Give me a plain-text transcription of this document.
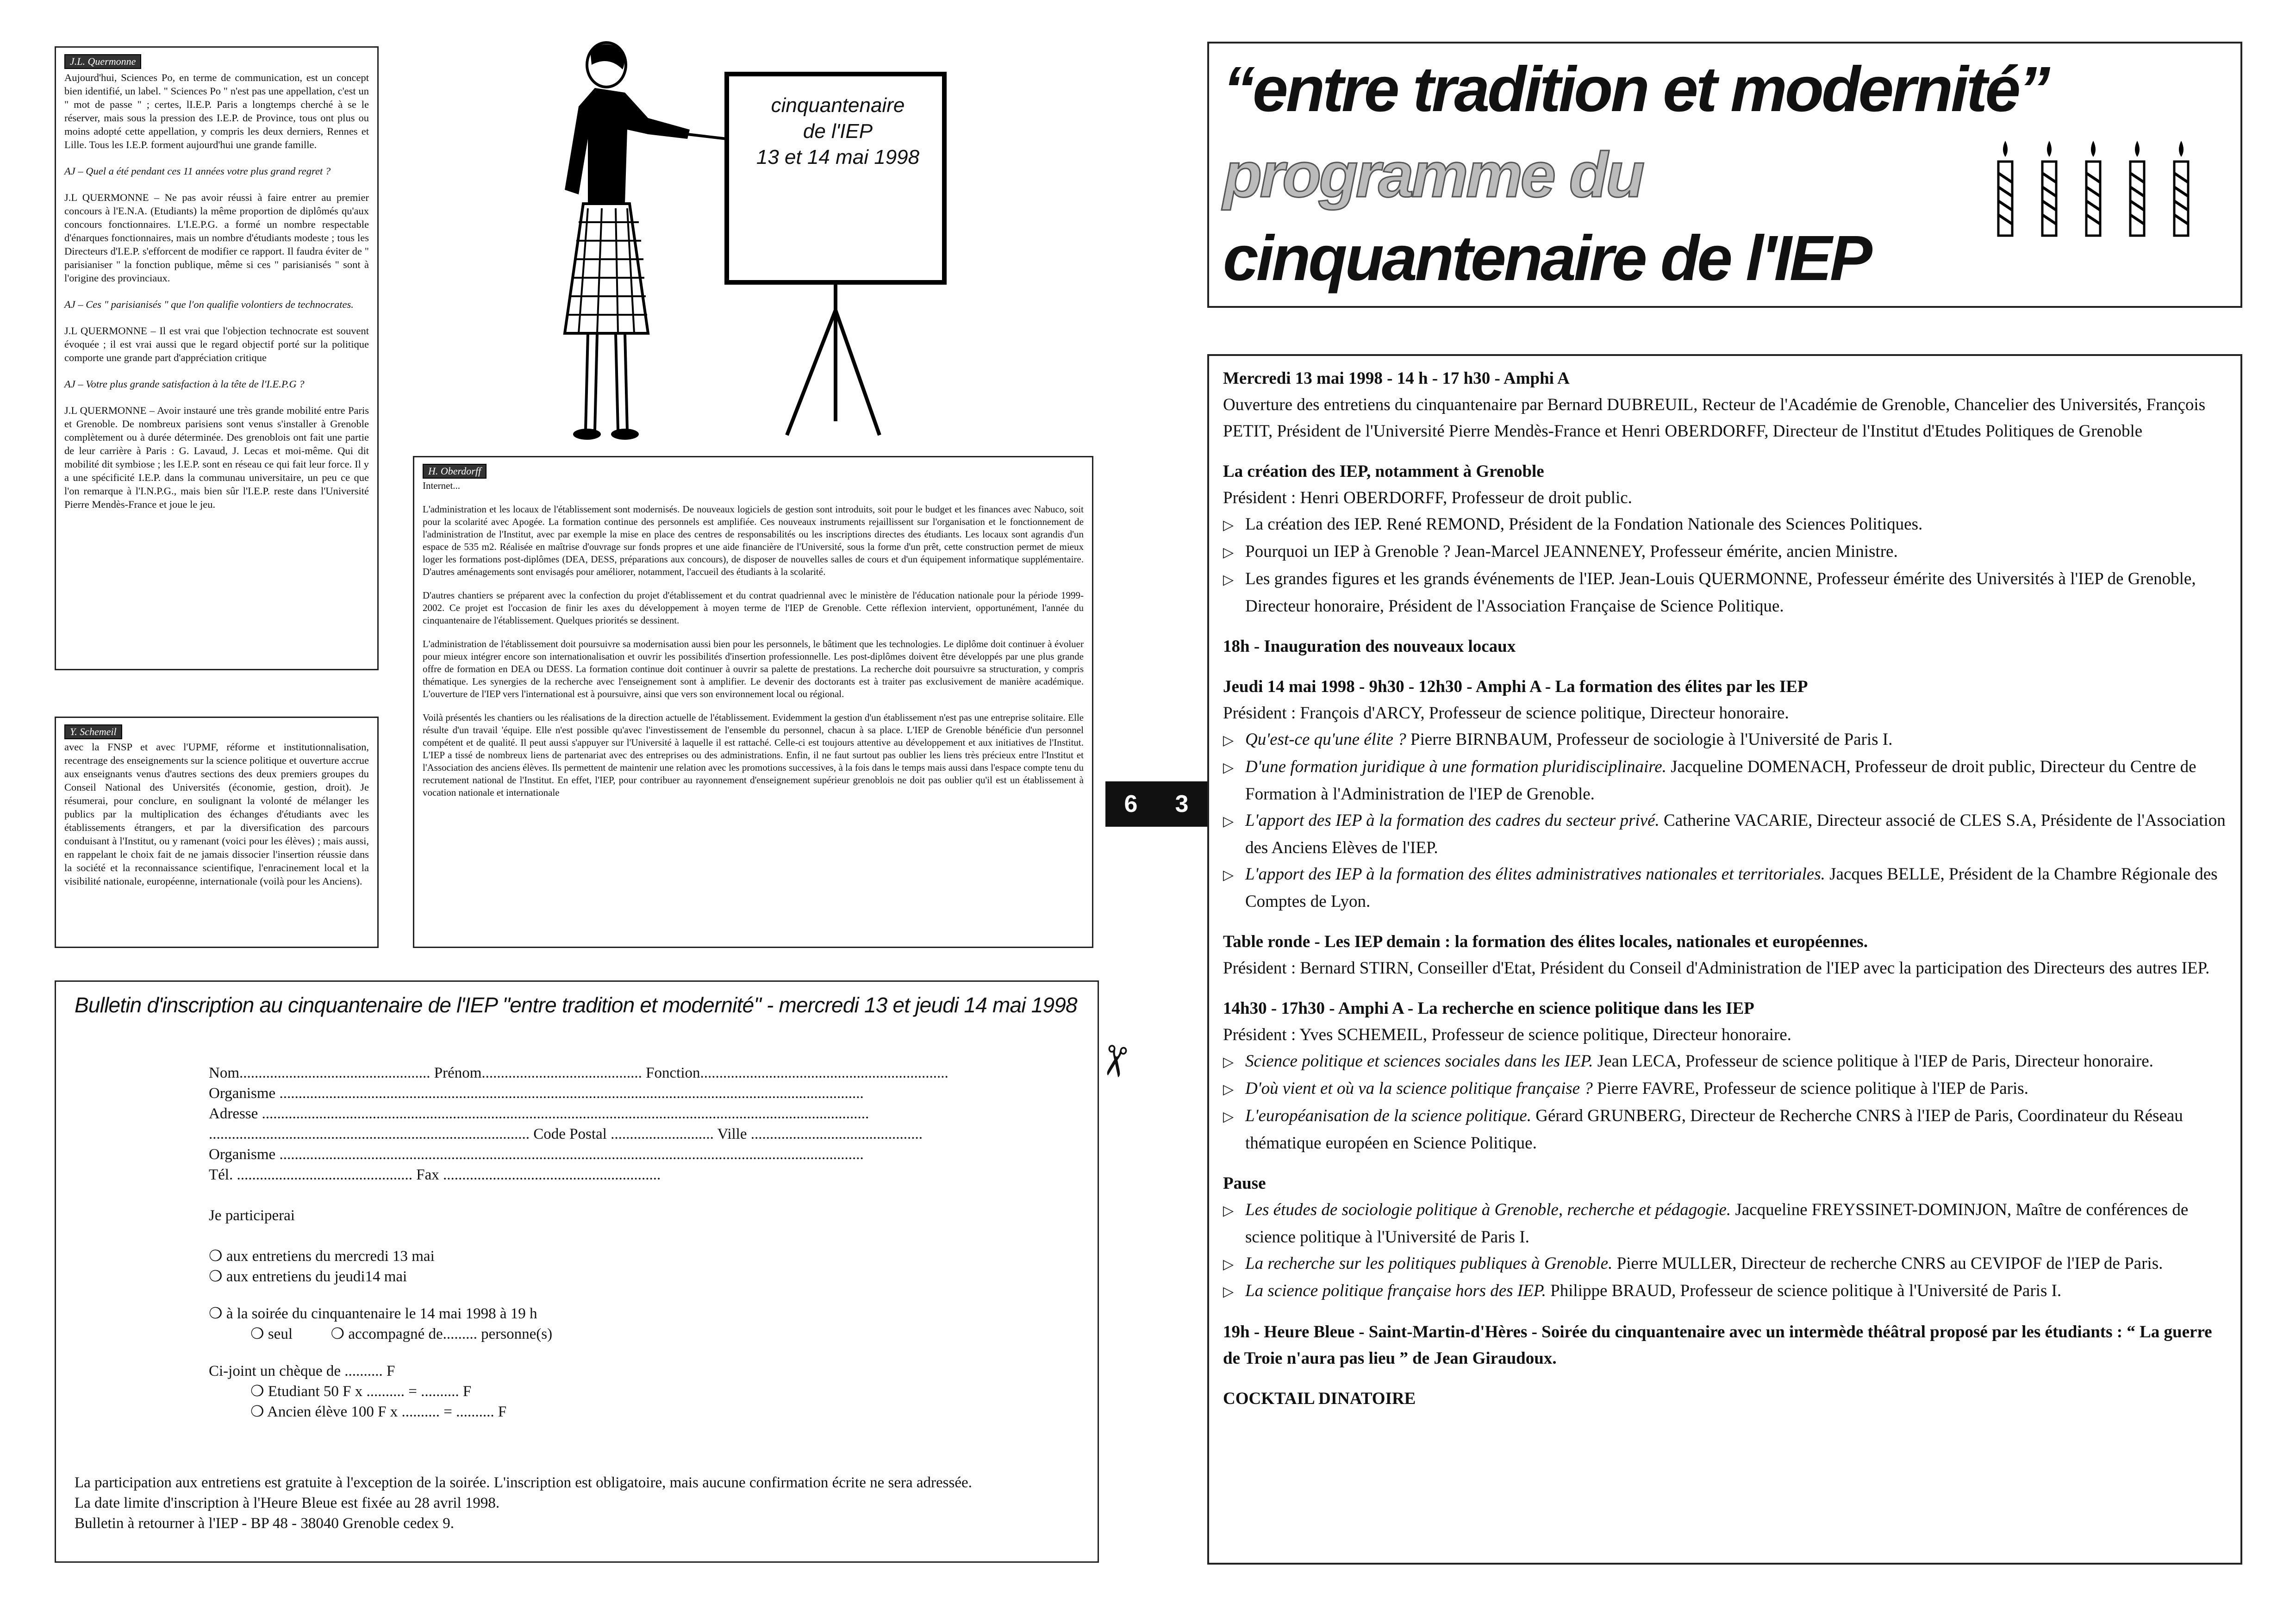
J.L. Quermonne

Aujourd'hui, Sciences Po, en terme de communication, est un concept bien identifié, un label. " Sciences Po " n'est pas une appellation, c'est un " mot de passe " ; certes, lI.E.P. Paris a longtemps cherché à se le réserver, mais sous la pression des I.E.P. de Province, tous ont plus ou moins adopté cette appellation, y compris les deux derniers, Rennes et Lille. Tous les I.E.P. forment aujourd'hui une grande famille.

AJ – Quel a été pendant ces 11 années votre plus grand regret ?

J.L QUERMONNE – Ne pas avoir réussi à faire entrer au premier concours à l'E.N.A. (Etudiants) la même proportion de diplômés qu'aux concours fonctionnaires. L'I.E.P.G. a formé un nombre respectable d'énarques fonctionnaires, mais un nombre d'étudiants modeste ; tous les Directeurs d'I.E.P. s'efforcent de modifier ce rapport. Il faudra éviter de " parisianiser " la fonction publique, même si ces " parisianisés " sont à l'origine des provinciaux.

AJ – Ces " parisianisés " que l'on qualifie volontiers de technocrates.

J.L QUERMONNE – Il est vrai que l'objection technocrate est souvent évoquée ; il est vrai aussi que le regard objectif porté sur la politique comporte une grande part d'appréciation critique

AJ – Votre plus grande satisfaction à la tête de l'I.E.P.G ?

J.L QUERMONNE – Avoir instauré une très grande mobilité entre Paris et Grenoble. De nombreux parisiens sont venus s'installer à Grenoble complètement ou à durée déterminée. Des grenoblois ont fait une partie de leur carrière à Paris : G. Lavaud, J. Lecas et moi-même. Qui dit mobilité dit symbiose ; les I.E.P. sont en réseau ce qui fait leur force. Il y a une spécificité I.E.P. dans la communau universitaire, un peu ce que l'on remarque à l'I.N.P.G., mais bien sûr l'I.E.P. reste dans l'Université Pierre Mendès-France et joue le jeu.

Y. Schemeil

avec la FNSP et avec l'UPMF, réforme et institutionnalisation, recentrage des enseignements sur la science politique et ouverture accrue aux enseignants venus d'autres sections des deux premiers groupes du Conseil National des Universités (économie, gestion, droit). Je résumerai, pour conclure, en soulignant la volonté de mélanger les publics par la multiplication des échanges d'étudiants avec les établissements étrangers, et par la diversification des parcours conduisant à l'Institut, ou y ramenant (voici pour les élèves) ; mais aussi, en rappelant le choix fait de ne jamais dissocier l'insertion réussie dans la société et la reconnaissance scientifique, l'enracinement local et la visibilité nationale, européenne, internationale (voilà pour les Anciens).

cinquantenaire
de l'IEP
13 et 14 mai 1998
H. Oberdorff

Internet...

L'administration et les locaux de l'établissement sont modernisés. De nouveaux logiciels de gestion sont introduits, soit pour le budget et les finances avec Nabuco, soit pour la scolarité avec Apogée. La formation continue des personnels est amplifiée. Ces nouveaux instruments rejaillissent sur l'organisation et le fonctionnement de l'administration de l'Institut, avec par exemple la mise en place des centres de responsabilités ou les inscriptions directes des étudiants. Les locaux sont agrandis d'un espace de 535 m2. Réalisée en maîtrise d'ouvrage sur fonds propres et une aide financière de l'Université, sous la forme d'un prêt, cette construction permet de mieux loger les formations post-diplômes (DEA, DESS, préparations aux concours), de disposer de nouvelles salles de cours et d'un équipement informatique supplémentaire. D'autres aménagements sont envisagés pour améliorer, notamment, l'accueil des étudiants à la scolarité.

D'autres chantiers se préparent avec la confection du projet d'établissement et du contrat quadriennal avec le ministère de l'éducation nationale pour la période 1999-2002. Ce projet est l'occasion de finir les axes du développement à moyen terme de l'IEP de Grenoble. Cette réflexion intervient, opportunément, l'année du cinquantenaire de l'établissement. Quelques priorités se dessinent.

L'administration de l'établissement doit poursuivre sa modernisation aussi bien pour les personnels, le bâtiment que les technologies. Le diplôme doit continuer à évoluer pour mieux intégrer encore son internationalisation et ouvrir les possibilités d'insertion professionnelle. Les post-diplômes doivent être développés par une plus grande offre de formation en DEA ou DESS. La formation continue doit continuer à ouvrir sa palette de prestations. La recherche doit poursuivre sa structuration, y compris thématique. Les synergies de la recherche avec l'enseignement sont à amplifier. Le devenir des doctorants est à traiter pas exclusivement de manière académique. L'ouverture de l'IEP vers l'international est à poursuivre, ainsi que vers son environnement local ou régional.

Voilà présentés les chantiers ou les réalisations de la direction actuelle de l'établissement. Evidemment la gestion d'un établissement n'est pas une entreprise solitaire. Elle résulte d'un travail 'équipe. Elle n'est possible qu'avec l'investissement de l'ensemble du personnel, chacun à sa place. L'IEP de Grenoble bénéficie d'un personnel compétent et de qualité. Il peut aussi s'appuyer sur l'Université à laquelle il est rattaché. Celle-ci est toujours attentive au développement et aux initiatives de l'Institut. L'IEP a tissé de nombreux liens de partenariat avec des entreprises ou des administrations. Enfin, il ne faut surtout pas oublier les liens très précieux entre l'Institut et l'Association des anciens élèves. Ils permettent de maintenir une relation avec les promotions successives, à la fois dans le temps mais aussi dans l'espace compte tenu du recrutement national de l'Institut. En effet, l'IEP, pour contribuer au rayonnement d'enseignement supérieur grenoblois ne doit pas oublier qu'il est un établissement à vocation nationale et internationale	6 3
Bulletin d'inscription au cinquantenaire de l'IEP "entre tradition et modernité" - mercredi 13 et jeudi 14 mai 1998
Nom.................................................. Prénom.......................................... Fonction.................................................................
Organisme .........................................................................................................................................................
Adresse ...............................................................................................................................................................
.................................................................................... Code Postal ........................... Ville .............................................
Organisme .........................................................................................................................................................
Tél. .............................................. Fax .........................................................
Je participerai
❍ aux entretiens du mercredi 13 mai
❍ aux entretiens du jeudi14 mai
❍ à la soirée du cinquantenaire le 14 mai 1998 à 19 h
❍ seul          ❍ accompagné de......... personne(s)
Ci-joint un chèque de .......... F
❍ Etudiant 50 F x .......... = .......... F
❍ Ancien élève 100 F x .......... = .......... F
La participation aux entretiens est gratuite à l'exception de la soirée. L'inscription est obligatoire, mais aucune confirmation écrite ne sera adressée.
La date limite d'inscription à l'Heure Bleue est fixée au 28 avril 1998.
Bulletin à retourner à l'IEP - BP 48 - 38040 Grenoble cedex 9.
✂
“entre tradition et modernité”
programme du
cinquantenaire de l'IEP
Mercredi 13 mai 1998 - 14 h - 17 h30 - Amphi A
Ouverture des entretiens du cinquantenaire par Bernard DUBREUIL, Recteur de l'Académie de Grenoble, Chancelier des Universités, François PETIT, Président de l'Université Pierre Mendès-France et Henri OBERDORFF, Directeur de l'Institut d'Etudes Politiques de Grenoble
La création des IEP, notamment à Grenoble
Président : Henri OBERDORFF, Professeur de droit public.
▷ La création des IEP. René REMOND, Président de la Fondation Nationale des Sciences Politiques.
▷ Pourquoi un IEP à Grenoble ? Jean-Marcel JEANNENEY, Professeur émérite, ancien Ministre.
▷ Les grandes figures et les grands événements de l'IEP. Jean-Louis QUERMONNE, Professeur émérite des Universités à l'IEP de Grenoble, Directeur honoraire, Président de l'Association Française de Science Politique.
18h - Inauguration des nouveaux locaux
Jeudi 14 mai 1998 - 9h30 - 12h30 - Amphi A - La formation des élites par les IEP
Président : François d'ARCY, Professeur de science politique, Directeur honoraire.
▷ Qu'est-ce qu'une élite ? Pierre BIRNBAUM, Professeur de sociologie à l'Université de Paris I.
▷ D'une formation juridique à une formation pluridisciplinaire. Jacqueline DOMENACH, Professeur de droit public, Directeur du Centre de Formation à l'Administration de l'IEP de Grenoble.
▷ L'apport des IEP à la formation des cadres du secteur privé. Catherine VACARIE, Directeur associé de CLES S.A, Présidente de l'Association des Anciens Elèves de l'IEP.
▷ L'apport des IEP à la formation des élites administratives nationales et territoriales. Jacques BELLE, Président de la Chambre Régionale des Comptes de Lyon.
Table ronde - Les IEP demain : la formation des élites locales, nationales et européennes.
Président : Bernard STIRN, Conseiller d'Etat, Président du Conseil d'Administration de l'IEP avec la participation des Directeurs des autres IEP.
14h30 - 17h30 - Amphi A - La recherche en science politique dans les IEP
Président : Yves SCHEMEIL, Professeur de science politique, Directeur honoraire.
▷ Science politique et sciences sociales dans les IEP. Jean LECA, Professeur de science politique à l'IEP de Paris, Directeur honoraire.
▷ D'où vient et où va la science politique française ? Pierre FAVRE, Professeur de science politique à l'IEP de Paris.
▷ L'européanisation de la science politique. Gérard GRUNBERG, Directeur de Recherche CNRS à l'IEP de Paris, Coordinateur du Réseau thématique européen en Science Politique.
Pause
▷ Les études de sociologie politique à Grenoble, recherche et pédagogie. Jacqueline FREYSSINET-DOMINJON, Maître de conférences de science politique à l'Université de Paris I.
▷ La recherche sur les politiques publiques à Grenoble. Pierre MULLER, Directeur de recherche CNRS au CEVIPOF de l'IEP de Paris.
▷ La science politique française hors des IEP. Philippe BRAUD, Professeur de science politique à l'Université de Paris I.
19h - Heure Bleue - Saint-Martin-d'Hères - Soirée du cinquantenaire avec un intermède théâtral proposé par les étudiants : “ La guerre de Troie n'aura pas lieu ” de Jean Giraudoux.
COCKTAIL DINATOIRE
